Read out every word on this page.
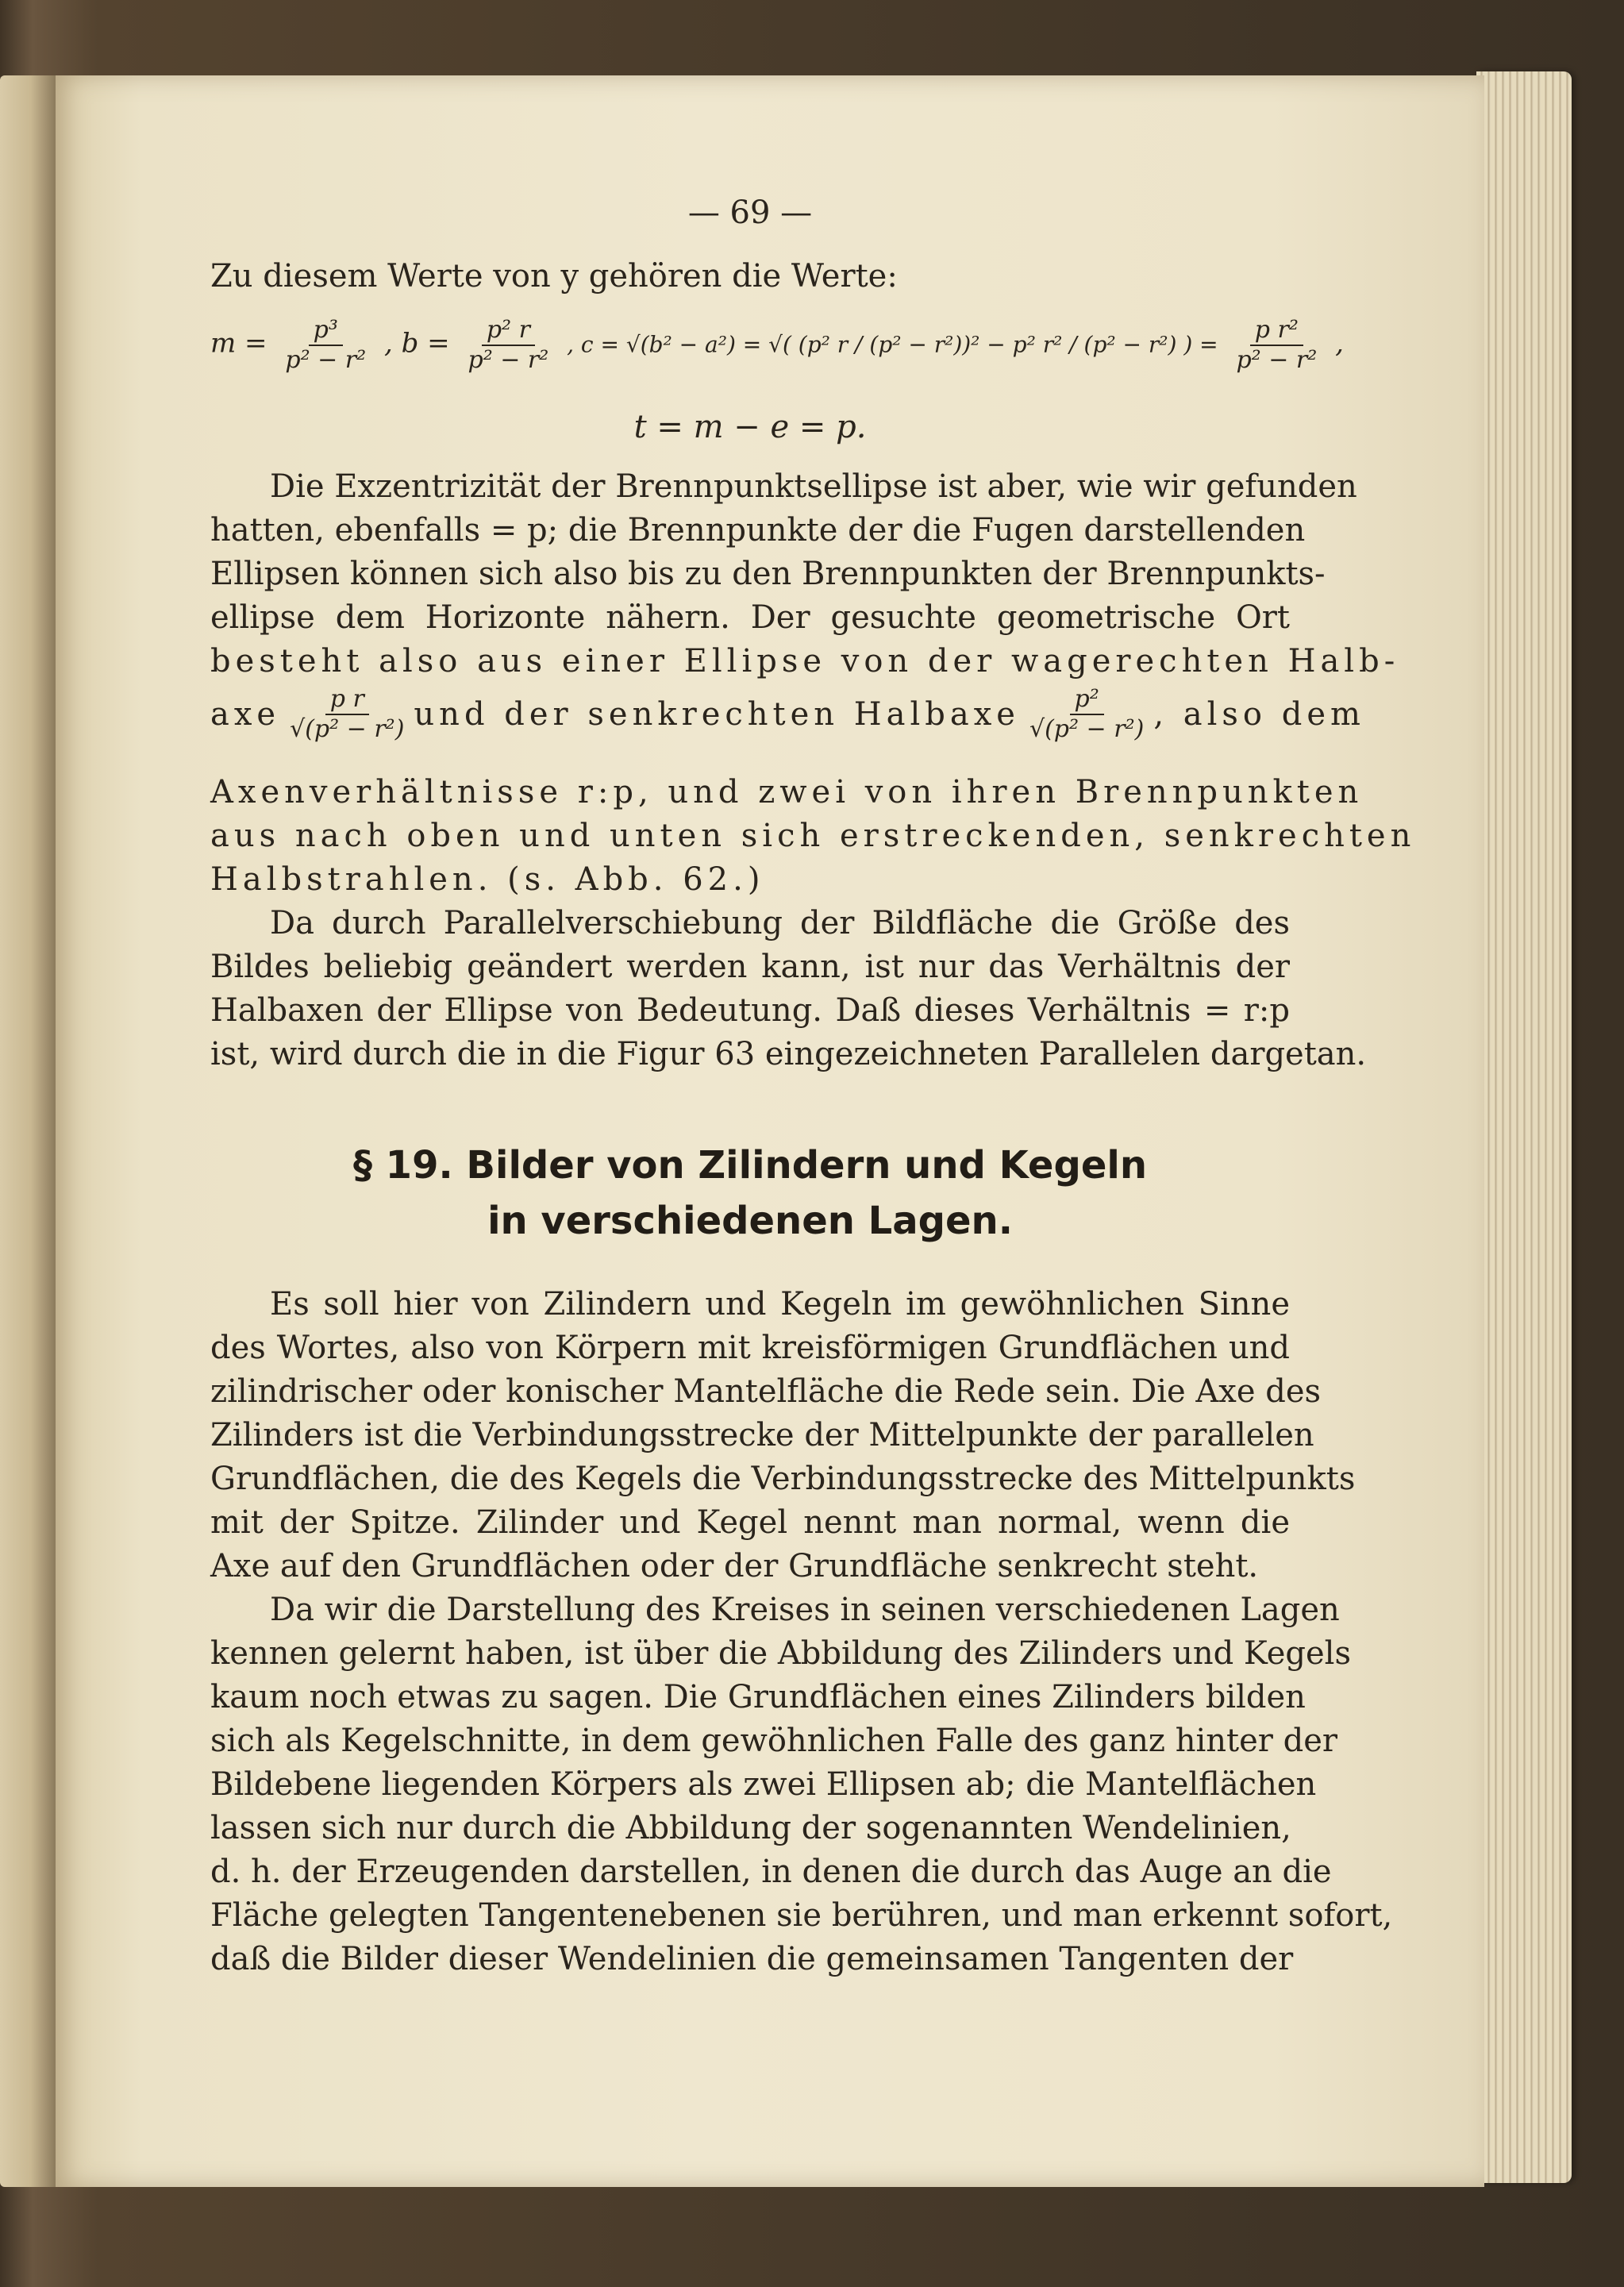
— 69 —
Zu diesem Werte von y gehören die Werte:
$m = \frac{\text{p³}}{\text{p² − r²}}$ , $b = \frac{\text{p² r}}{\text{p² − r²}}$ , c = √(b² − a²) = √( (p² r / (p² − r²))² − p² r² / (p² − r²) ) = $\frac{\text{p r²}}{\text{p² − r²}}$ ,
t = m − e = p.
Die Exzentrizität der Brennpunktsellipse ist aber, wie wir gefunden
hatten, ebenfalls = p; die Brennpunkte der die Fugen darstellenden
Ellipsen können sich also bis zu den Brennpunkten der Brennpunkts-
ellipse dem Horizonte nähern. Der gesuchte geometrische Ort
besteht also aus einer Ellipse von der wagerechten Halb-
axe $\frac{\text{p r}}{\text{√(p² − r²)}}$ und der senkrechten Halbaxe $\frac{\text{p²}}{\text{√(p² − r²)}}$ , also dem
Axenverhältnisse r:p, und zwei von ihren Brennpunkten
aus nach oben und unten sich erstreckenden, senkrechten
Halbstrahlen. (s. Abb. 62.)
Da durch Parallelverschiebung der Bildfläche die Größe des
Bildes beliebig geändert werden kann, ist nur das Verhältnis der
Halbaxen der Ellipse von Bedeutung. Daß dieses Verhältnis = r:p
ist, wird durch die in die Figur 63 eingezeichneten Parallelen dargetan.
§ 19. Bilder von Zilindern und Kegeln
in verschiedenen Lagen.
Es soll hier von Zilindern und Kegeln im gewöhnlichen Sinne
des Wortes, also von Körpern mit kreisförmigen Grundflächen und
zilindrischer oder konischer Mantelfläche die Rede sein. Die Axe des
Zilinders ist die Verbindungsstrecke der Mittelpunkte der parallelen
Grundflächen, die des Kegels die Verbindungsstrecke des Mittelpunkts
mit der Spitze. Zilinder und Kegel nennt man normal, wenn die
Axe auf den Grundflächen oder der Grundfläche senkrecht steht.
Da wir die Darstellung des Kreises in seinen verschiedenen Lagen
kennen gelernt haben, ist über die Abbildung des Zilinders und Kegels
kaum noch etwas zu sagen. Die Grundflächen eines Zilinders bilden
sich als Kegelschnitte, in dem gewöhnlichen Falle des ganz hinter der
Bildebene liegenden Körpers als zwei Ellipsen ab; die Mantelflächen
lassen sich nur durch die Abbildung der sogenannten Wendelinien,
d. h. der Erzeugenden darstellen, in denen die durch das Auge an die
Fläche gelegten Tangentenebenen sie berühren, und man erkennt sofort,
daß die Bilder dieser Wendelinien die gemeinsamen Tangenten der
